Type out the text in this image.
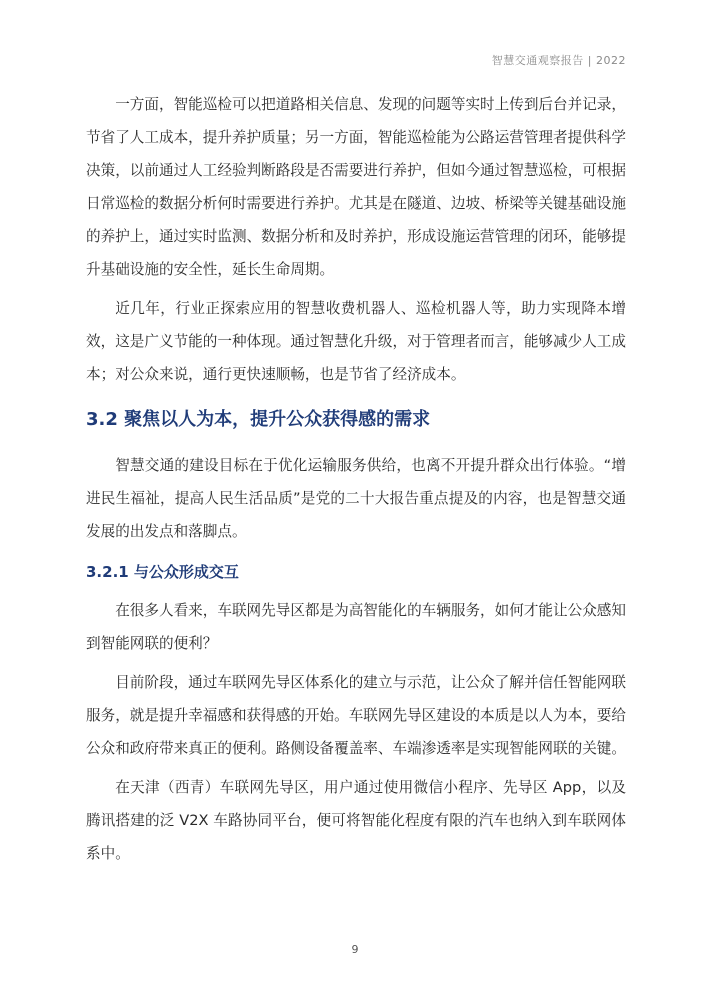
智慧交通观察报告 | 2022

一方面，智能巡检可以把道路相关信息、发现的问题等实时上传到后台并记录，节省了人工成本，提升养护质量；另一方面，智能巡检能为公路运营管理者提供科学决策，以前通过人工经验判断路段是否需要进行养护，但如今通过智慧巡检，可根据日常巡检的数据分析何时需要进行养护。尤其是在隧道、边坡、桥梁等关键基础设施的养护上，通过实时监测、数据分析和及时养护，形成设施运营管理的闭环，能够提升基础设施的安全性，延长生命周期。

近几年，行业正探索应用的智慧收费机器人、巡检机器人等，助力实现降本增效，这是广义节能的一种体现。通过智慧化升级，对于管理者而言，能够减少人工成本；对公众来说，通行更快速顺畅，也是节省了经济成本。

3.2 聚焦以人为本，提升公众获得感的需求

智慧交通的建设目标在于优化运输服务供给，也离不开提升群众出行体验。“增进民生福祉，提高人民生活品质”是党的二十大报告重点提及的内容，也是智慧交通发展的出发点和落脚点。

3.2.1 与公众形成交互

在很多人看来，车联网先导区都是为高智能化的车辆服务，如何才能让公众感知到智能网联的便利？

目前阶段，通过车联网先导区体系化的建立与示范，让公众了解并信任智能网联服务，就是提升幸福感和获得感的开始。车联网先导区建设的本质是以人为本，要给公众和政府带来真正的便利。路侧设备覆盖率、车端渗透率是实现智能网联的关键。

在天津（西青）车联网先导区，用户通过使用微信小程序、先导区 App，以及腾讯搭建的泛 V2X 车路协同平台，便可将智能化程度有限的汽车也纳入到车联网体系中。

9
